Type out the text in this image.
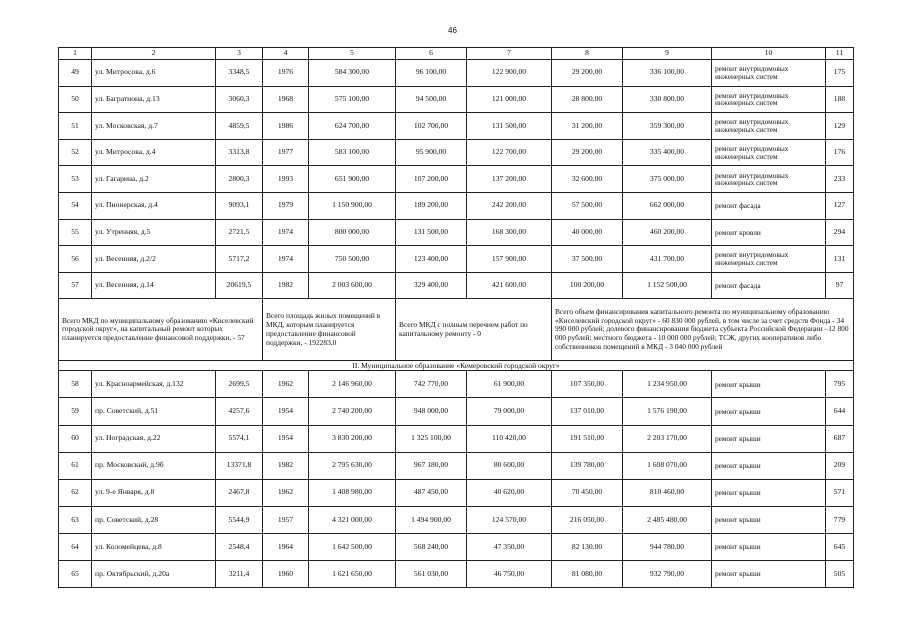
46
1	2	3	4	5	6	7	8	9	10	11
49	ул. Митросова, д.6	3348,5	1976	584 300,00	96 100,00	122 900,00	29 200,00	336 100,00	ремонт внутридомовых инженерных систем	175
50	ул. Багратиона, д.13	3060,3	1968	575 100,00	94 500,00	121 000,00	28 800,00	330 800,00	ремонт внутридомовых инженерных систем	188
51	ул. Московская, д.7	4859,5	1986	624 700,00	102 700,00	131 500,00	31 200,00	359 300,00	ремонт внутридомовых инженерных систем	129
52	ул. Митросова, д.4	3313,8	1977	583 100,00	95 900,00	122 700,00	29 200,00	335 400,00	ремонт внутридомовых инженерных систем	176
53	ул. Гагарина, д.2	2800,3	1993	651 900,00	107 200,00	137 200,00	32 600,00	375 000,00	ремонт внутридомовых инженерных систем	233
54	ул. Пионерская, д.4	9093,1	1979	1 150 900,00	189 200,00	242 200,00	57 500,00	662 000,00	ремонт фасада	127
55	ул. Утренняя, д.5	2721,5	1974	800 000,00	131 500,00	168 300,00	40 000,00	460 200,00	ремонт кровли	294
56	ул. Весенняя, д.2/2	5717,2	1974	750 500,00	123 400,00	157 900,00	37 500,00	431 700,00	ремонт внутридомовых инженерных систем	131
57	ул. Весенняя, д.14	20619,5	1982	2 003 600,00	329 400,00	421 600,00	100 200,00	1 152 500,00	ремонт фасада	97
Всего МКД по муниципальному образованию «Киселевский городской округ», на капитальный ремонт которых планируется предоставление финансовой поддержки, - 57			Всего площадь жилых помещений в МКД, которым планируется предоставление финансовой поддержки, - 192283,0		Всего МКД с полным перечнем работ по капитальному ремонту - 0		Всего объем финансирования капитального ремонта по муниципальному образованию «Киселевский городской округ» - 60 830 000 рублей, в том числе за счет средств Фонда - 34 990 000 рублей; долевого финансирования бюджета субъекта Российской Федерации –12 800 000 рублей; местного бюджета - 10 000 000 рублей; ТСЖ, других кооперативов либо собственников помещений в МКД - 3 040 000 рублей			
II. Муниципальное образование «Кемеровский городской округ»										
58	ул. Красноармейская, д.132	2699,5	1962	2 146 960,00	742 770,00	61 900,00	107 350,00	1 234 950,00	ремонт крыши	795
59	пр. Советский, д.51	4257,6	1954	2 740 200,00	948 000,00	79 000,00	137 010,00	1 576 190,00	ремонт крыши	644
60	ул. Ноградская, д.22	5574,1	1954	3 830 200,00	1 325 100,00	110 420,00	191 510,00	2 203 170,00	ремонт крыши	687
61	пр. Московский, д.9б	13371,8	1982	2 795 630,00	967 180,00	80 600,00	139 780,00	1 608 070,00	ремонт крыши	209
62	ул. 9-е Января, д.8	2467,8	1962	1 408 980,00	487 450,00	40 620,00	70 450,00	810 460,00	ремонт крыши	571
63	пр. Советский, д.28	5544,9	1957	4 321 000,00	1 494 900,00	124 570,00	216 050,00	2 485 480,00	ремонт крыши	779
64	ул. Коломейцева, д.8	2548,4	1964	1 642 500,00	568 240,00	47 350,00	82 130,00	944 780,00	ремонт крыши	645
65	пр. Октябрьский, д.20а	3211,4	1960	1 621 650,00	561 030,00	46 750,00	81 080,00	932 790,00	ремонт крыши	505
